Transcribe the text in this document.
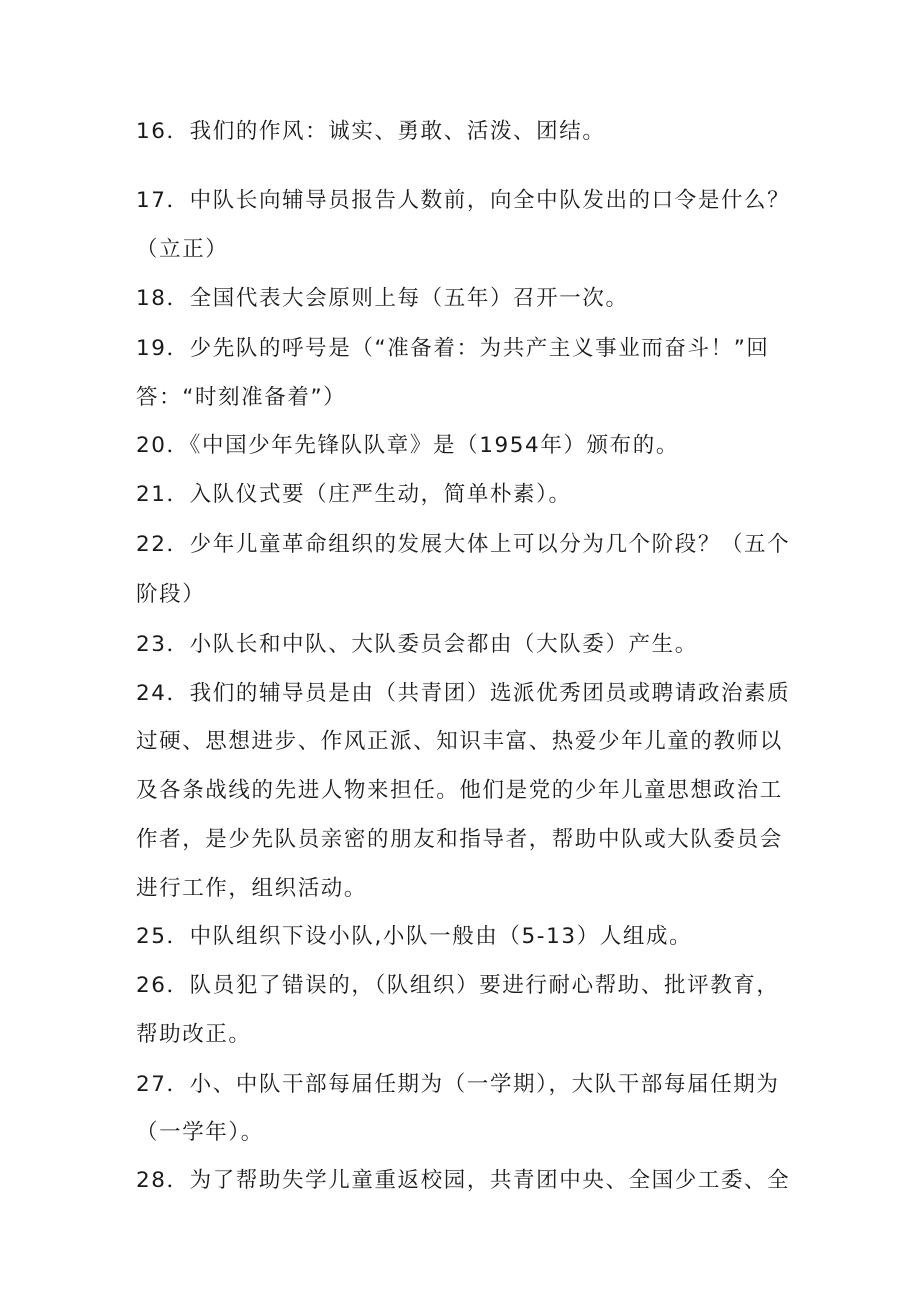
16．我们的作风：诚实、勇敢、活泼、团结。
17．中队长向辅导员报告人数前，向全中队发出的口令是什么？
（立正）
18．全国代表大会原则上每（五年）召开一次。
19．少先队的呼号是（“准备着：为共产主义事业而奋斗！”回
答：“时刻准备着”）
20．《中国少年先锋队队章》是（1954年）颁布的。
21．入队仪式要（庄严生动，简单朴素）。
22．少年儿童革命组织的发展大体上可以分为几个阶段？（五个
阶段）
23．小队长和中队、大队委员会都由（大队委）产生。
24．我们的辅导员是由（共青团）选派优秀团员或聘请政治素质
过硬、思想进步、作风正派、知识丰富、热爱少年儿童的教师以
及各条战线的先进人物来担任。他们是党的少年儿童思想政治工
作者，是少先队员亲密的朋友和指导者，帮助中队或大队委员会
进行工作，组织活动。
25．中队组织下设小队,小队一般由（5-13）人组成。
26．队员犯了错误的，（队组织）要进行耐心帮助、批评教育，
帮助改正。
27．小、中队干部每届任期为（一学期），大队干部每届任期为
（一学年）。
28．为了帮助失学儿童重返校园，共青团中央、全国少工委、全
